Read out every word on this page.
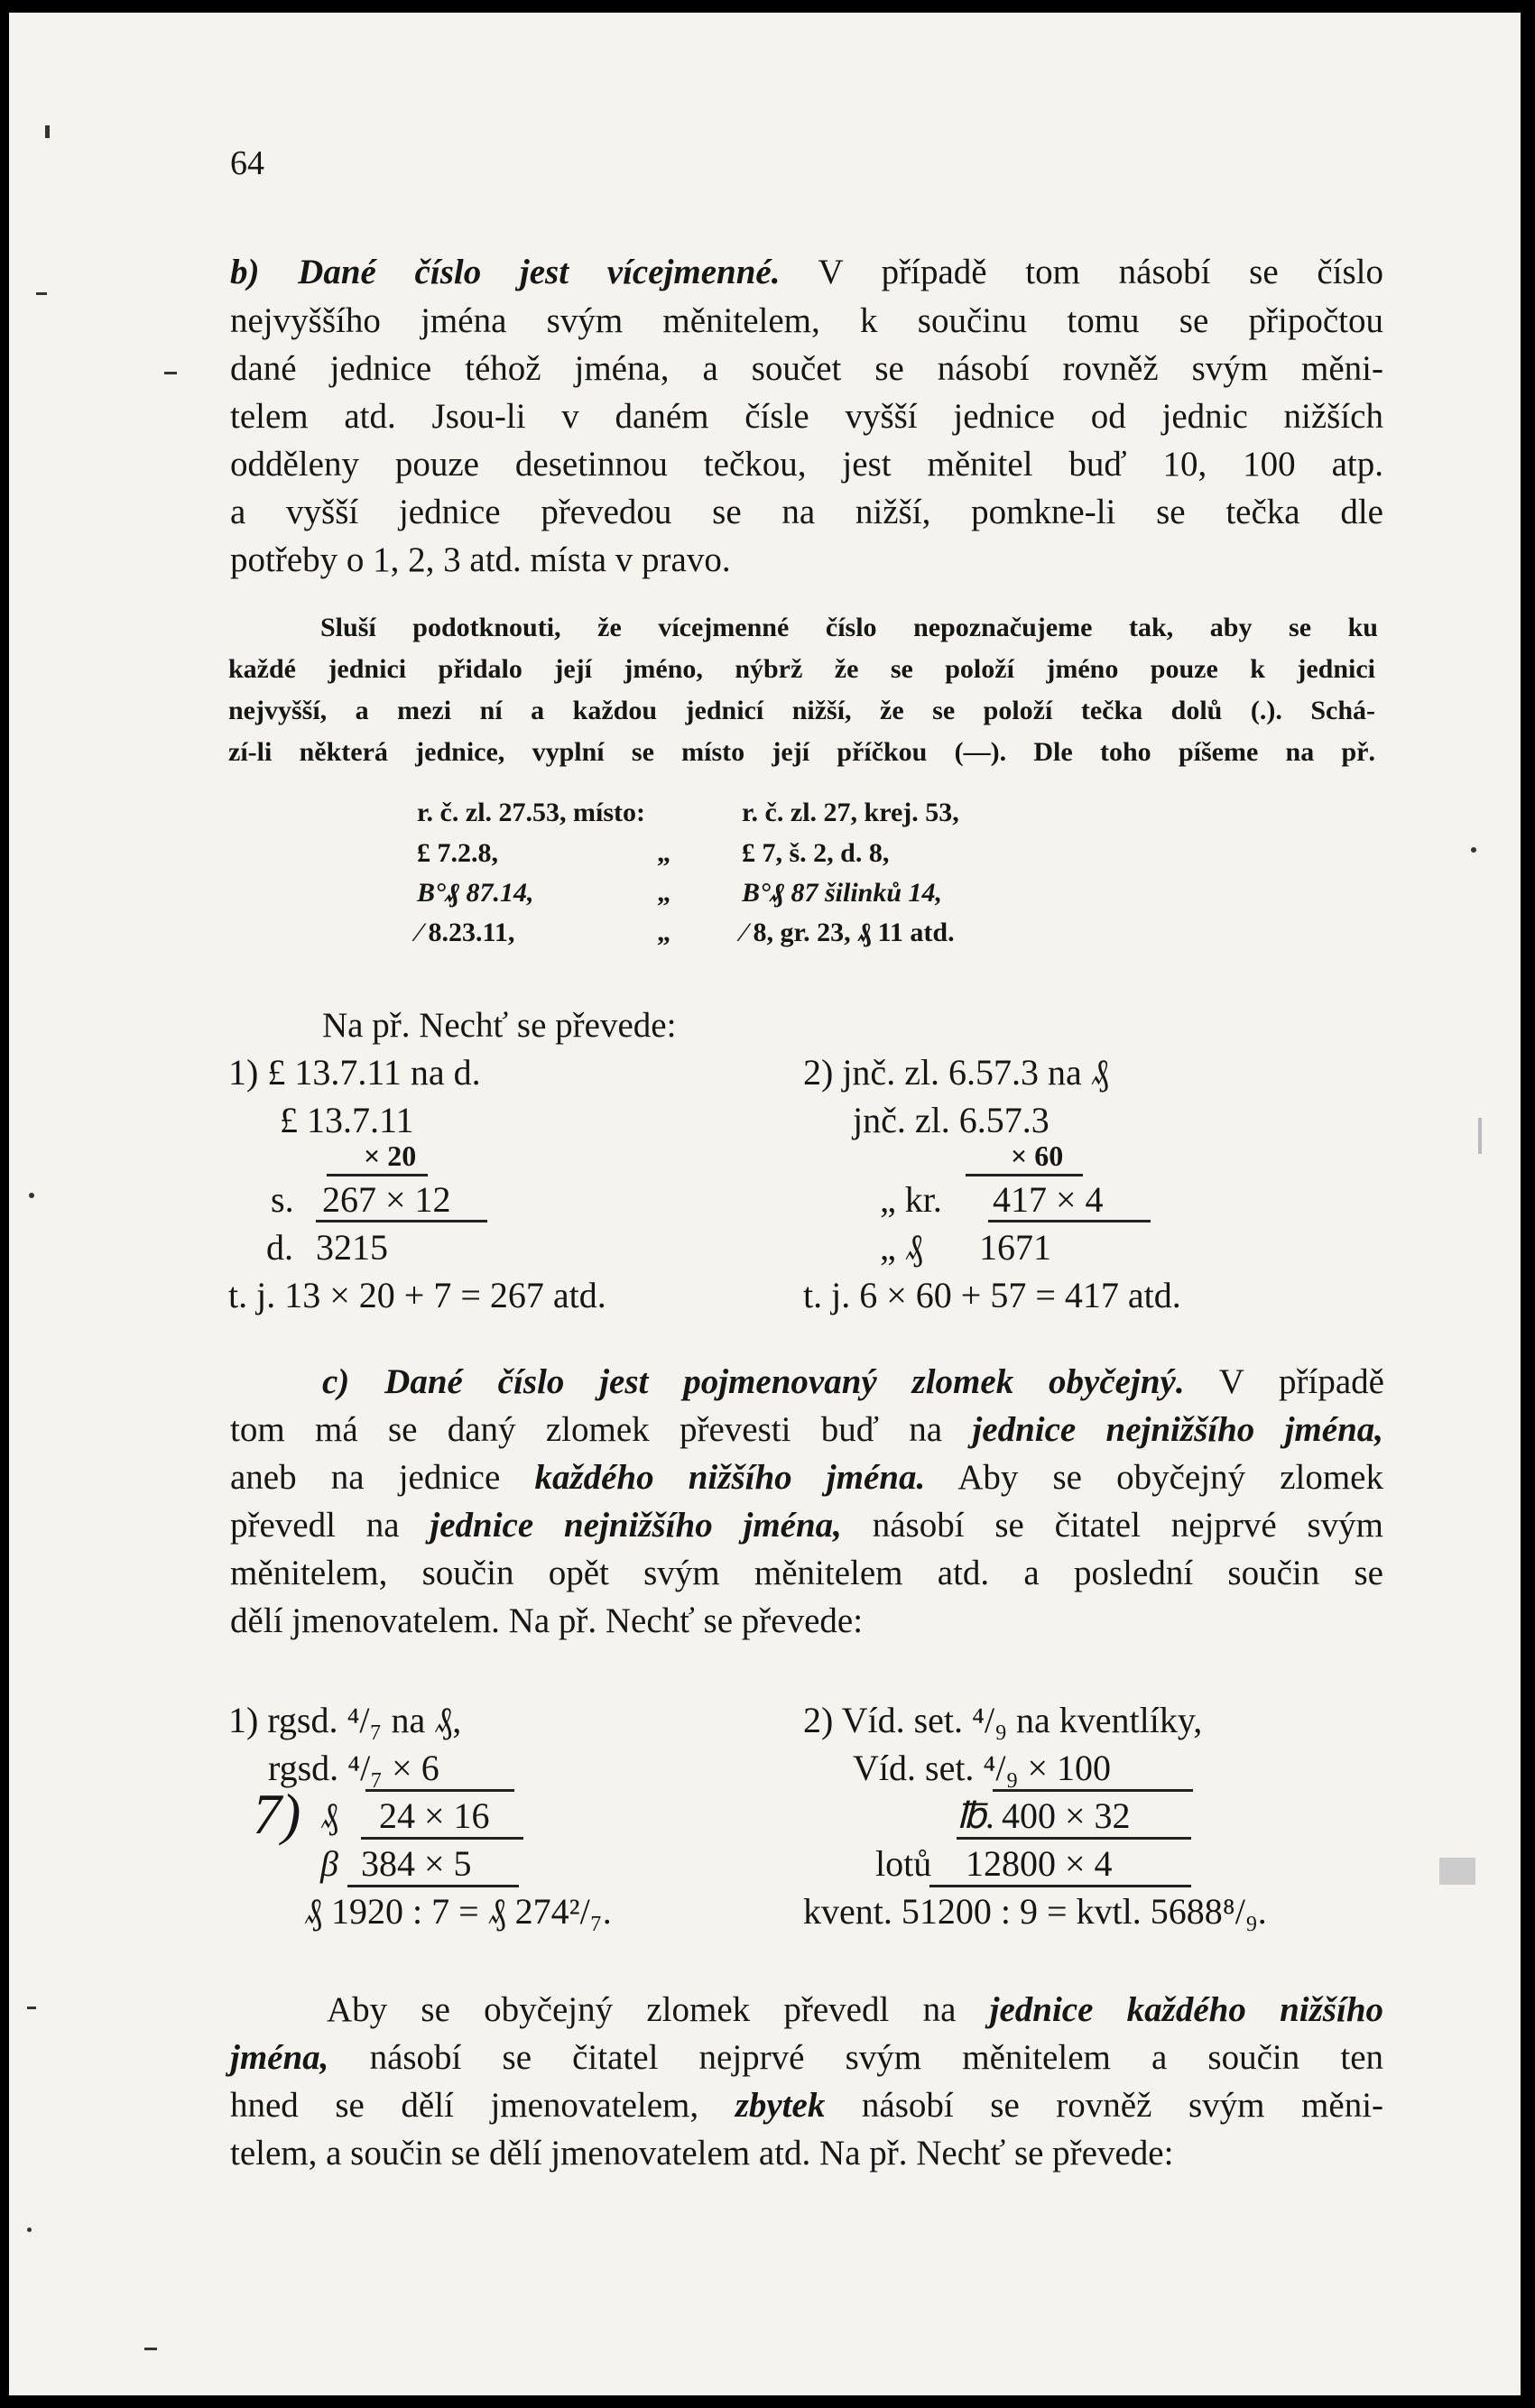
64
b) Dané číslo jest vícejmenné. V případě tom násobí se číslo
nejvyššího jména svým měnitelem, k součinu tomu se připočtou
dané jednice téhož jména, a součet se násobí rovněž svým měni-
telem atd. Jsou-li v daném čísle vyšší jednice od jednic nižších
odděleny pouze desetinnou tečkou, jest měnitel buď 10, 100 atp.
a vyšší jednice převedou se na nižší, pomkne-li se tečka dle
potřeby o 1, 2, 3 atd. místa v pravo.
Sluší podotknouti, že vícejmenné číslo nepoznačujeme tak, aby se ku
každé jednici přidalo její jméno, nýbrž že se položí jméno pouze k jednici
nejvyšší, a mezi ní a každou jednicí nižší, že se položí tečka dolů (.). Schá-
zí-li některá jednice, vyplní se místo její příčkou (—). Dle toho píšeme na př.
r. č. zl. 27.53, místo:	r. č. zl. 27, krej. 53,
£ 7.2.8,	„	£ 7, š. 2, d. 8,
B°₰ 87.14,	„	B°₰ 87 šilinků 14,
⁄ 8.23.11,	„	⁄ 8, gr. 23, ₰ 11 atd.
Na př. Nechť se převede:
1) £ 13.7.11 na d.
£ 13.7.11
× 20
s. 267 × 12
d. 3215
t. j. 13 × 20 + 7 = 267 atd.
2) jnč. zl. 6.57.3 na ₰
jnč. zl. 6.57.3
× 60
„ kr. 417 × 4
„ ₰ 1671
t. j. 6 × 60 + 57 = 417 atd.
c) Dané číslo jest pojmenovaný zlomek obyčejný. V případě
tom má se daný zlomek převesti buď na jednice nejnižšího jména,
aneb na jednice každého nižšího jména. Aby se obyčejný zlomek
převedl na jednice nejnižšího jména, násobí se čitatel nejprvé svým
měnitelem, součin opět svým měnitelem atd. a poslední součin se
dělí jmenovatelem. Na př. Nechť se převede:
1) rgsd. ⁴/₇ na ₰,
rgsd. ⁴/₇ × 6
7) ₰ 24 × 16
β 384 × 5
₰ 1920 : 7 = ₰ 274²/₇.
2) Víd. set. ⁴/₉ na kventlíky,
Víd. set. ⁴/₉ × 100
℔. 400 × 32
lotů 12800 × 4
kvent. 51200 : 9 = kvtl. 5688⁸/₉.
Aby se obyčejný zlomek převedl na jednice každého nižšího
jména, násobí se čitatel nejprvé svým měnitelem a součin ten
hned se dělí jmenovatelem, zbytek násobí se rovněž svým měni-
telem, a součin se dělí jmenovatelem atd. Na př. Nechť se převede:
